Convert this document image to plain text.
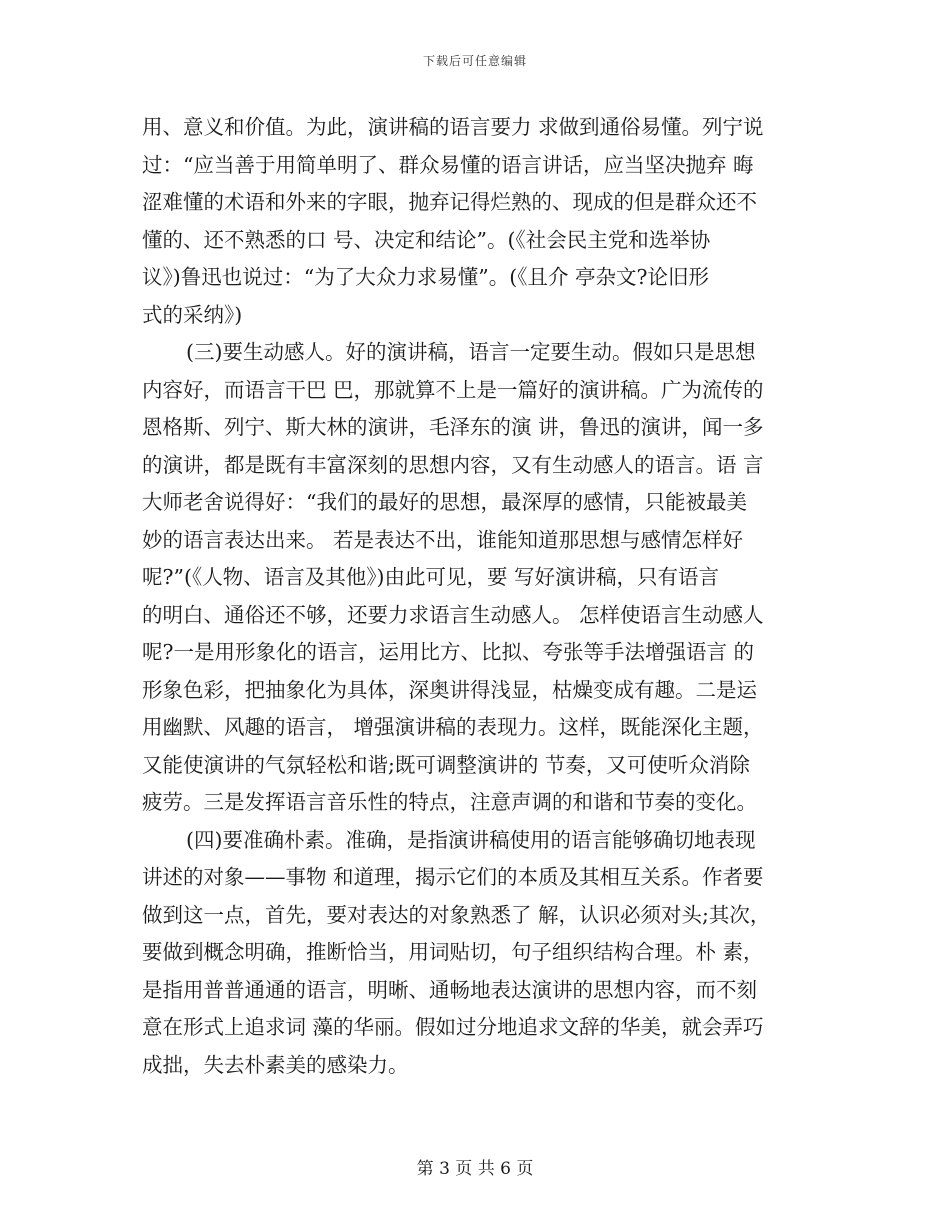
下载后可任意编辑
用、意义和价值。为此，演讲稿的语言要力 求做到通俗易懂。列宁说
过：“应当善于用简单明了、群众易懂的语言讲话，应当坚决抛弃 晦
涩难懂的术语和外来的字眼，抛弃记得烂熟的、现成的但是群众还不
懂的、还不熟悉的口 号、决定和结论”。(《社会民主党和选举协
议》)鲁迅也说过：“为了大众力求易懂”。(《且介 亭杂文?论旧形
式的采纳》)
(三)要生动感人。好的演讲稿，语言一定要生动。假如只是思想
内容好，而语言干巴 巴，那就算不上是一篇好的演讲稿。广为流传的
恩格斯、列宁、斯大林的演讲，毛泽东的演 讲，鲁迅的演讲，闻一多
的演讲，都是既有丰富深刻的思想内容，又有生动感人的语言。语 言
大师老舍说得好：“我们的最好的思想，最深厚的感情，只能被最美
妙的语言表达出来。 若是表达不出，谁能知道那思想与感情怎样好
呢?”(《人物、语言及其他》)由此可见，要 写好演讲稿，只有语言
的明白、通俗还不够，还要力求语言生动感人。 怎样使语言生动感人
呢?一是用形象化的语言，运用比方、比拟、夸张等手法增强语言 的
形象色彩，把抽象化为具体，深奥讲得浅显，枯燥变成有趣。二是运
用幽默、风趣的语言， 增强演讲稿的表现力。这样，既能深化主题，
又能使演讲的气氛轻松和谐;既可调整演讲的 节奏，又可使听众消除
疲劳。三是发挥语言音乐性的特点，注意声调的和谐和节奏的变化。
(四)要准确朴素。准确，是指演讲稿使用的语言能够确切地表现
讲述的对象——事物 和道理，揭示它们的本质及其相互关系。作者要
做到这一点，首先，要对表达的对象熟悉了 解，认识必须对头;其次，
要做到概念明确，推断恰当，用词贴切，句子组织结构合理。朴 素，
是指用普普通通的语言，明晰、通畅地表达演讲的思想内容，而不刻
意在形式上追求词 藻的华丽。假如过分地追求文辞的华美，就会弄巧
成拙，失去朴素美的感染力。
第 3 页 共 6 页
